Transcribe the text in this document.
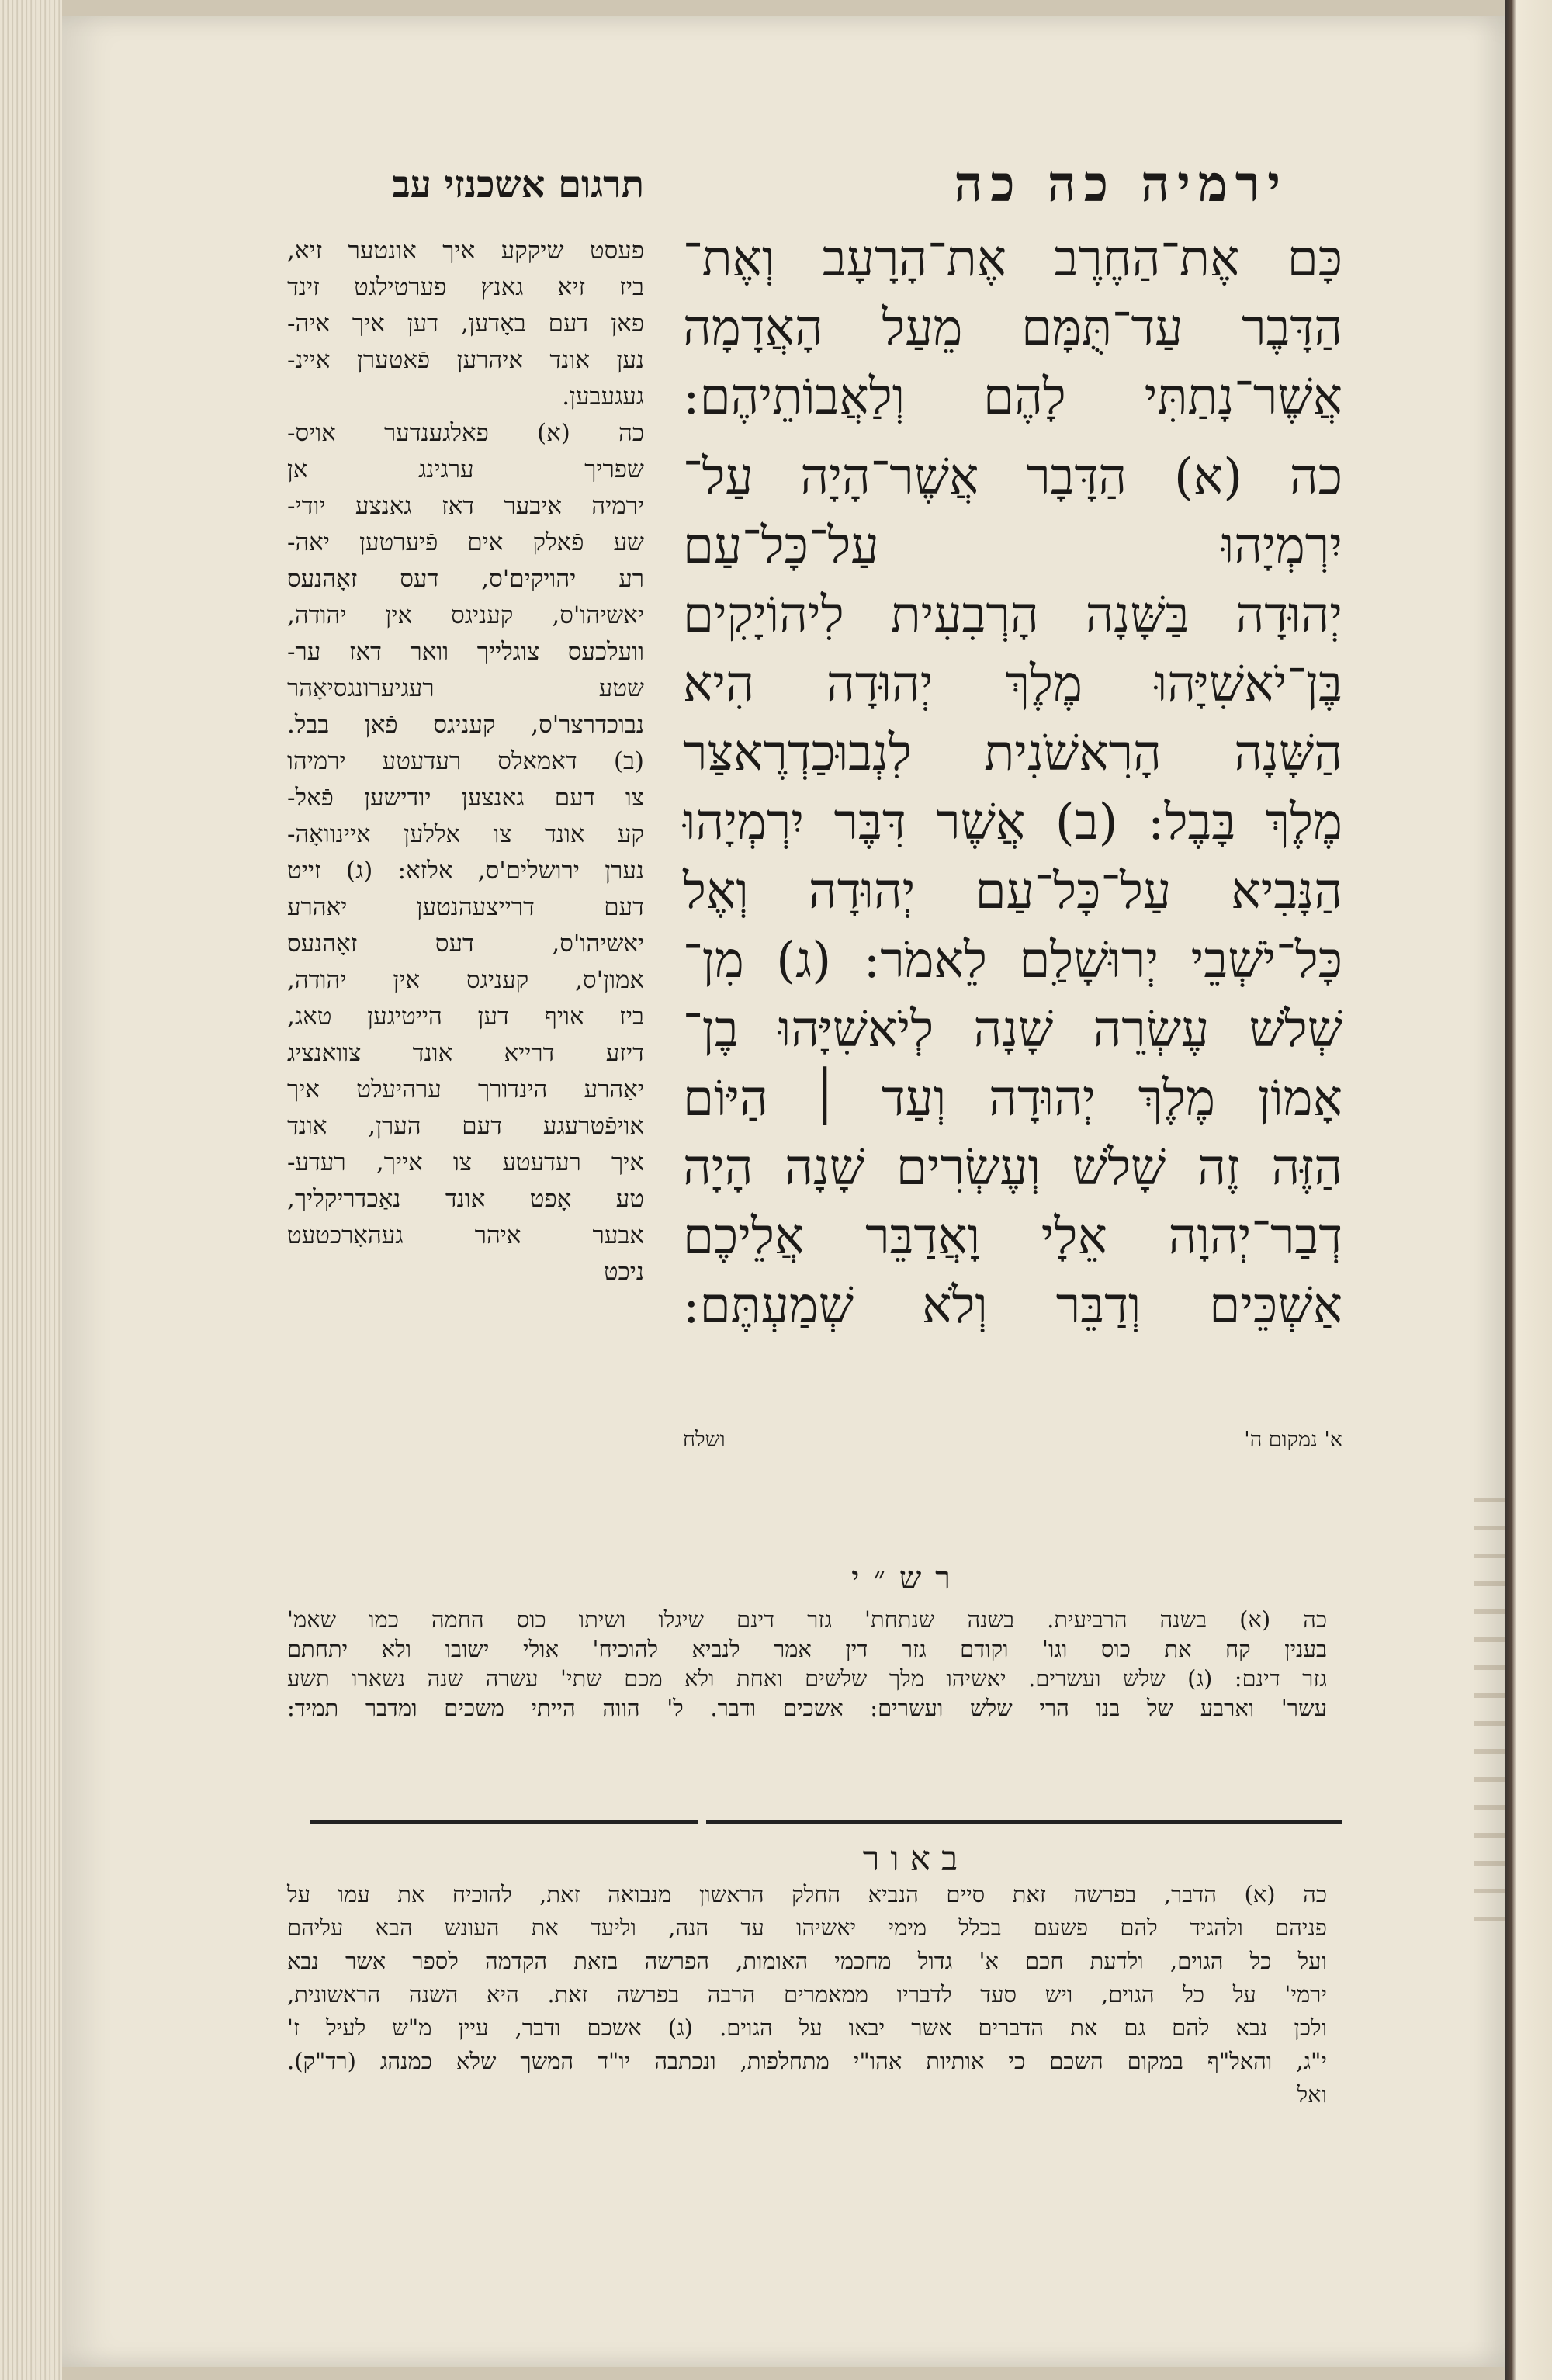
ירמיה כה כה
תרגום אשכנזי עב
כָּם אֶת־הַחֶרֶב אֶת־הָרָעָב וְאֶת־
הַדָּבֶר עַד־תֻּמָּם מֵעַל הָאֲדָמָה
אֲשֶׁר־נָתַתִּי לָהֶם וְלַאֲבוֹתֵיהֶם:
כה (א) הַדָּבָר אֲשֶׁר־הָיָה עַל־
יִרְמְיָהוּ עַל־כָּל־עַם
יְהוּדָה בַּשָּׁנָה הָרְבִעִית לִיהוֹיָקִים
בֶּן־יֹאשִׁיָּהוּ מֶלֶךְ יְהוּדָה הִיא
הַשָּׁנָה הָרִאשֹׁנִית לִנְבוּכַדְרֶאצַּר
מֶלֶךְ בָּבֶל: (ב) אֲשֶׁר דִּבֶּר יִרְמְיָהוּ
הַנָּבִיא עַל־כָּל־עַם יְהוּדָה וְאֶל
כָּל־יֹשְׁבֵי יְרוּשָׁלִַם לֵאמֹר: (ג) מִן־
שְׁלֹשׁ עֶשְׂרֵה שָׁנָה לְיֹאשִׁיָּהוּ בֶן־
אָמוֹן מֶלֶךְ יְהוּדָה וְעַד ׀ הַיּוֹם
הַזֶּה זֶה שָׁלֹשׁ וְעֶשְׂרִים שָׁנָה הָיָה
דְבַר־יְהוָה אֵלָי וָאֲדַבֵּר אֲלֵיכֶם
אַשְׁכֵּים וְדַבֵּר וְלֹא שְׁמַעְתֶּם:
פעסט שיקקע איך אונטער זיא,
ביז זיא גאנץ פערטילגט זינד
פאן דעם באָדען, דען איך איה-
נען אונד איהרען פֿאטערן איינ-
געגעבען.
כה (א) פאלגענדער אויס-
שפריך ערגינג אן
ירמיה איבער דאז גאנצע יודי-
שע פֿאלק אים פֿיערטען יאה-
רע יהויקים'ס, דעס זאָהנעס
יאשיהו'ס, קעניגס אין יהודה,
וועלכעס צוגלייך וואר דאז ער-
שטע רעגיערונגסיאָהר
נבוכדרצר'ס, קעניגס פֿאן בבל.
(ב) דאמאלס רעדעטע ירמיהו
צו דעם גאנצען יודישען פֿאל-
קע אונד צו אללען איינוואָה-
נערן ירושלים'ס, אלזא: (ג) זייט
דעם דרייצעהנטען יאהרע
יאשיהו'ס, דעס זאָהנעס
אמון'ס, קעניגס אין יהודה,
ביז אויף דען הייטיגען טאג,
דיזע דרייא אונד צוואנציג
יאַהרע הינדורך ערהיעלט איך
אויפֿטרעגע דעם הערן, אונד
איך רעדעטע צו אייך, רעדע-
טע אָפט אונד נאַכדריקליך,
אבער איהר געהאָרכטעט
ניכט
א' נמקום ה'
ושלח
רש״י
כה (א) בשנה הרביעית. בשנה שנתחת' גזר דינם שיגלו ושיתו כוס החמה כמו שאמ'
בענין קח את כוס וגו' וקודם גזר דין אמר לנביא להוכיח' אולי ישובו ולא יתחתם
גזר דינם: (ג) שלש ועשרים. יאשיהו מלך שלשים ואחת ולא מכם שתי' עשרה שנה נשארו תשע
עשר' וארבע של בנו הרי שלש ועשרים: אשכים ודבר. ל' הווה הייתי משכים ומדבר תמיד:
באור
כה (א) הדבר, בפרשה זאת סיים הנביא החלק הראשון מנבואה זאת, להוכיח את עמו על
פניהם ולהגיד להם פשעם בכלל מימי יאשיהו עד הנה, וליעד את העונש הבא עליהם
ועל כל הגוים, ולדעת חכם א' גדול מחכמי האומות, הפרשה בזאת הקדמה לספר אשר נבא
ירמי' על כל הגוים, ויש סעד לדבריו ממאמרים הרבה בפרשה זאת. היא השנה הראשונית,
ולכן נבא להם גם את הדברים אשר יבאו על הגוים. (ג) אשכם ודבר, עיין מ"ש לעיל ז'
י"ג, והאל"ף במקום השכם כי אותיות אהו"י מתחלפות, ונכתבה יו"ד המשך שלא כמנהג (רד"ק).
ואל
